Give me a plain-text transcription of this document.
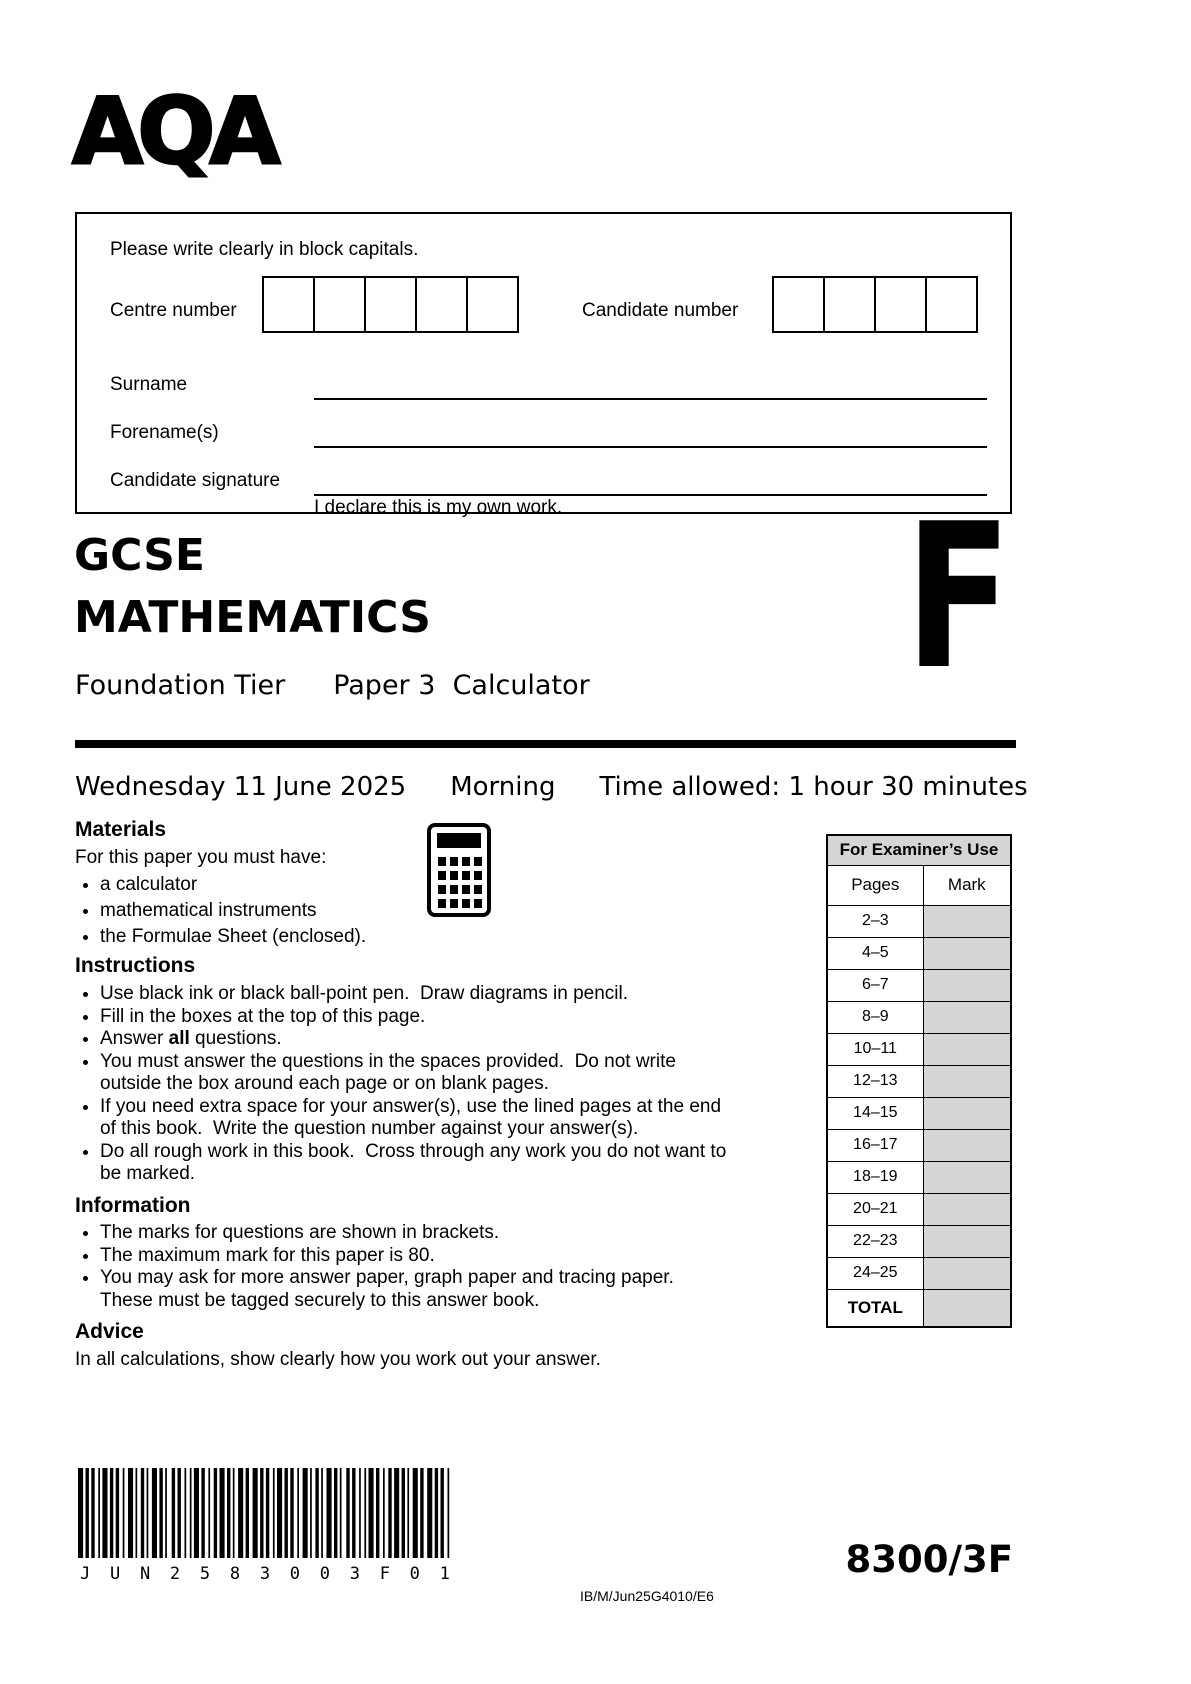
AQA
Please write clearly in block capitals.
Centre number	Candidate number
Surname
Forename(s)
Candidate signature
I declare this is my own work.
GCSE
MATHEMATICS F
Foundation Tier Paper 3  Calculator
Wednesday 11 June 2025 Morning Time allowed: 1 hour 30 minutes
Materials
For this paper you must have:
• a calculator
• mathematical instruments
• the Formulae Sheet (enclosed).
Instructions
• Use black ink or black ball-point pen.  Draw diagrams in pencil.
• Fill in the boxes at the top of this page.
• Answer all questions.
• You must answer the questions in the spaces provided.  Do not write
outside the box around each page or on blank pages.
• If you need extra space for your answer(s), use the lined pages at the end
of this book.  Write the question number against your answer(s).
• Do all rough work in this book.  Cross through any work you do not want to
be marked.
Information
• The marks for questions are shown in brackets.
• The maximum mark for this paper is 80.
• You may ask for more answer paper, graph paper and tracing paper.
These must be tagged securely to this answer book.
Advice
In all calculations, show clearly how you work out your answer.
For Examiner’s Use	
Pages	Mark
2–3	
4–5	
6–7	
8–9	
10–11	
12–13	
14–15	
16–17	
18–19	
20–21	
22–23	
24–25	
TOTAL	
J U N 2 5 8 3 0 0 3 F 0 1	8300/3F
IB/M/Jun25G4010/E6
